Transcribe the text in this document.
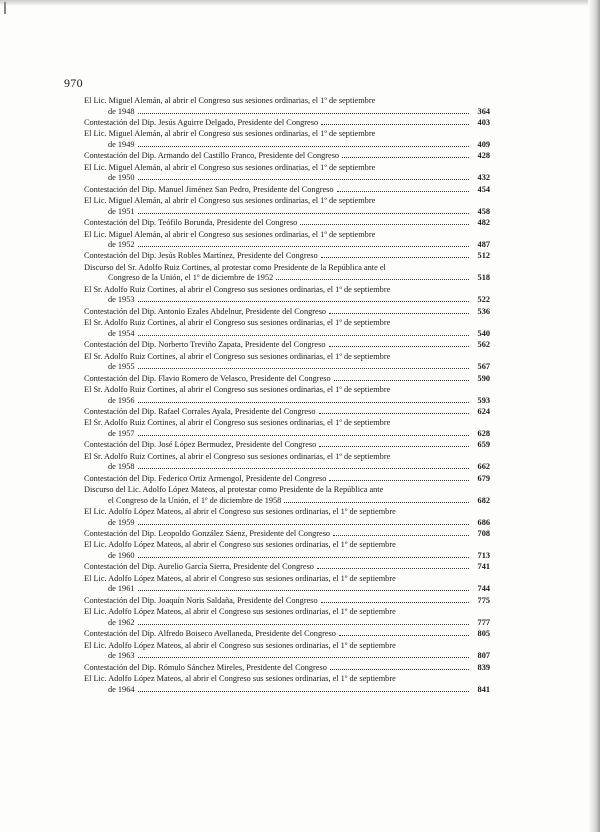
970
El Lic. Miguel Alemán, al abrir el Congreso sus sesiones ordinarias, el 1º de septiembre
de 1948	364
Contestación del Dip. Jesús Aguirre Delgado, Presidente del Congreso	403
El Lic. Miguel Alemán, al abrir el Congreso sus sesiones ordinarias, el 1º de septiembre
de 1949	409
Contestación del Dip. Armando del Castillo Franco, Presidente del Congreso	428
El Lic. Miguel Alemán, al abrir el Congreso sus sesiones ordinarias, el 1º de septiembre
de 1950	432
Contestación del Dip. Manuel Jiménez San Pedro, Presidente del Congreso	454
El Lic. Miguel Alemán, al abrir el Congreso sus sesiones ordinarias, el 1º de septiembre
de 1951	458
Contestación del Dip. Teófilo Borunda, Presidente del Congreso	482
El Lic. Miguel Alemán, al abrir el Congreso sus sesiones ordinarias, el 1º de septiembre
de 1952	487
Contestación del Dip. Jesús Robles Martínez, Presidente del Congreso	512
Discurso del Sr. Adolfo Ruiz Cortines, al protestar como Presidente de la República ante el
Congreso de la Unión, el 1º de diciembre de 1952	518
El Sr. Adolfo Ruiz Cortines, al abrir el Congreso sus sesiones ordinarias, el 1º de septiembre
de 1953	522
Contestación del Dip. Antonio Ezales Abdelnur, Presidente del Congreso	536
El Sr. Adolfo Ruiz Cortines, al abrir el Congreso sus sesiones ordinarias, el 1º de septiembre
de 1954	540
Contestación del Dip. Norberto Treviño Zapata, Presidente del Congreso	562
El Sr. Adolfo Ruiz Cortines, al abrir el Congreso sus sesiones ordinarias, el 1º de septiembre
de 1955	567
Contestación del Dip. Flavio Romero de Velasco, Presidente del Congreso	590
El Sr. Adolfo Ruiz Cortines, al abrir el Congreso sus sesiones ordinarias, el 1º de septiembre
de 1956	593
Contestación del Dip. Rafael Corrales Ayala, Presidente del Congreso	624
El Sr. Adolfo Ruiz Cortines, al abrir el Congreso sus sesiones ordinarias, el 1º de septiembre
de 1957	628
Contestación del Dip. José López Bermudez, Presidente del Congreso	659
El Sr. Adolfo Ruiz Cortines, al abrir el Congreso sus sesiones ordinarias, el 1º de septiembre
de 1958	662
Contestación del Dip. Federico Ortiz Armengol, Presidente del Congreso	679
Discurso del Lic. Adolfo López Mateos, al protestar como Presidente de la República ante
el Congreso de la Unión, el 1º de diciembre de 1958	682
El Lic. Adolfo López Mateos, al abrir el Congreso sus sesiones ordinarias, el 1º de septiembre
de 1959	686
Contestación del Dip. Leopoldo González Sáenz, Presidente del Congreso	708
El Lic. Adolfo López Mateos, al abrir el Congreso sus sesiones ordinarias, el 1º de septiembre
de 1960	713
Contestación del Dip. Aurelio García Sierra, Presidente del Congreso	741
El Lic. Adolfo López Mateos, al abrir el Congreso sus sesiones ordinarias, el 1º de septiembre
de 1961	744
Contestación del Dip. Joaquín Noris Saldaña, Presidente del Congreso	775
El Lic. Adolfo López Mateos, al abrir el Congreso sus sesiones ordinarias, el 1º de septiembre
de 1962	777
Contestación del Dip. Alfredo Boiseco Avellaneda, Presidente del Congreso	805
El Lic. Adolfo López Mateos, al abrir el Congreso sus sesiones ordinarias, el 1º de septiembre
de 1963	807
Contestación del Dip. Rómulo Sánchez Mireles, Presidente del Congreso	839
El Lic. Adolfo López Mateos, al abrir el Congreso sus sesiones ordinarias, el 1º de septiembre
de 1964	841
